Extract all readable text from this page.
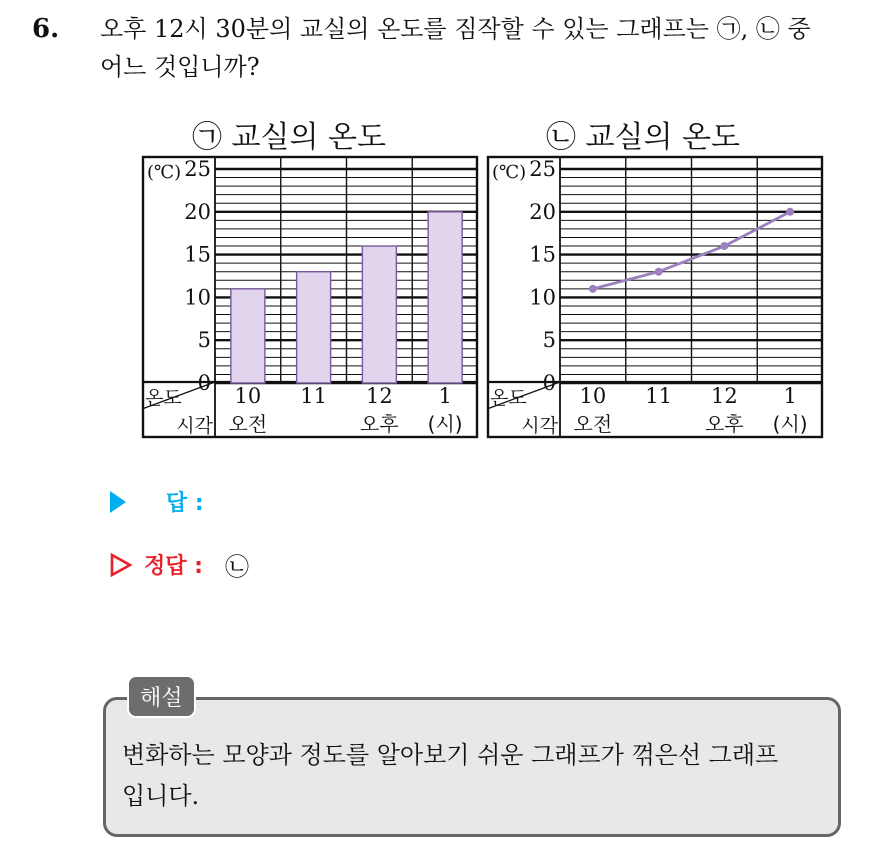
6. 오후 12시 30분의 교실의 온도를 짐작할 수 있는 그래프는 ㉠, ㉡ 중
어느 것입니까?
㉠ 교실의 온도	㉡ 교실의 온도
0
5
10
15
20
25
(℃)
10
오전
11 12
오후
1
(시)
온도
시각
0
5
10
15
20
25
(℃)
10
오전
11 12
오후
1
(시)
온도
시각
답 :
정답 : ㉡
해설
변화하는 모양과 정도를 알아보기 쉬운 그래프가 꺾은선 그래프
입니다.
